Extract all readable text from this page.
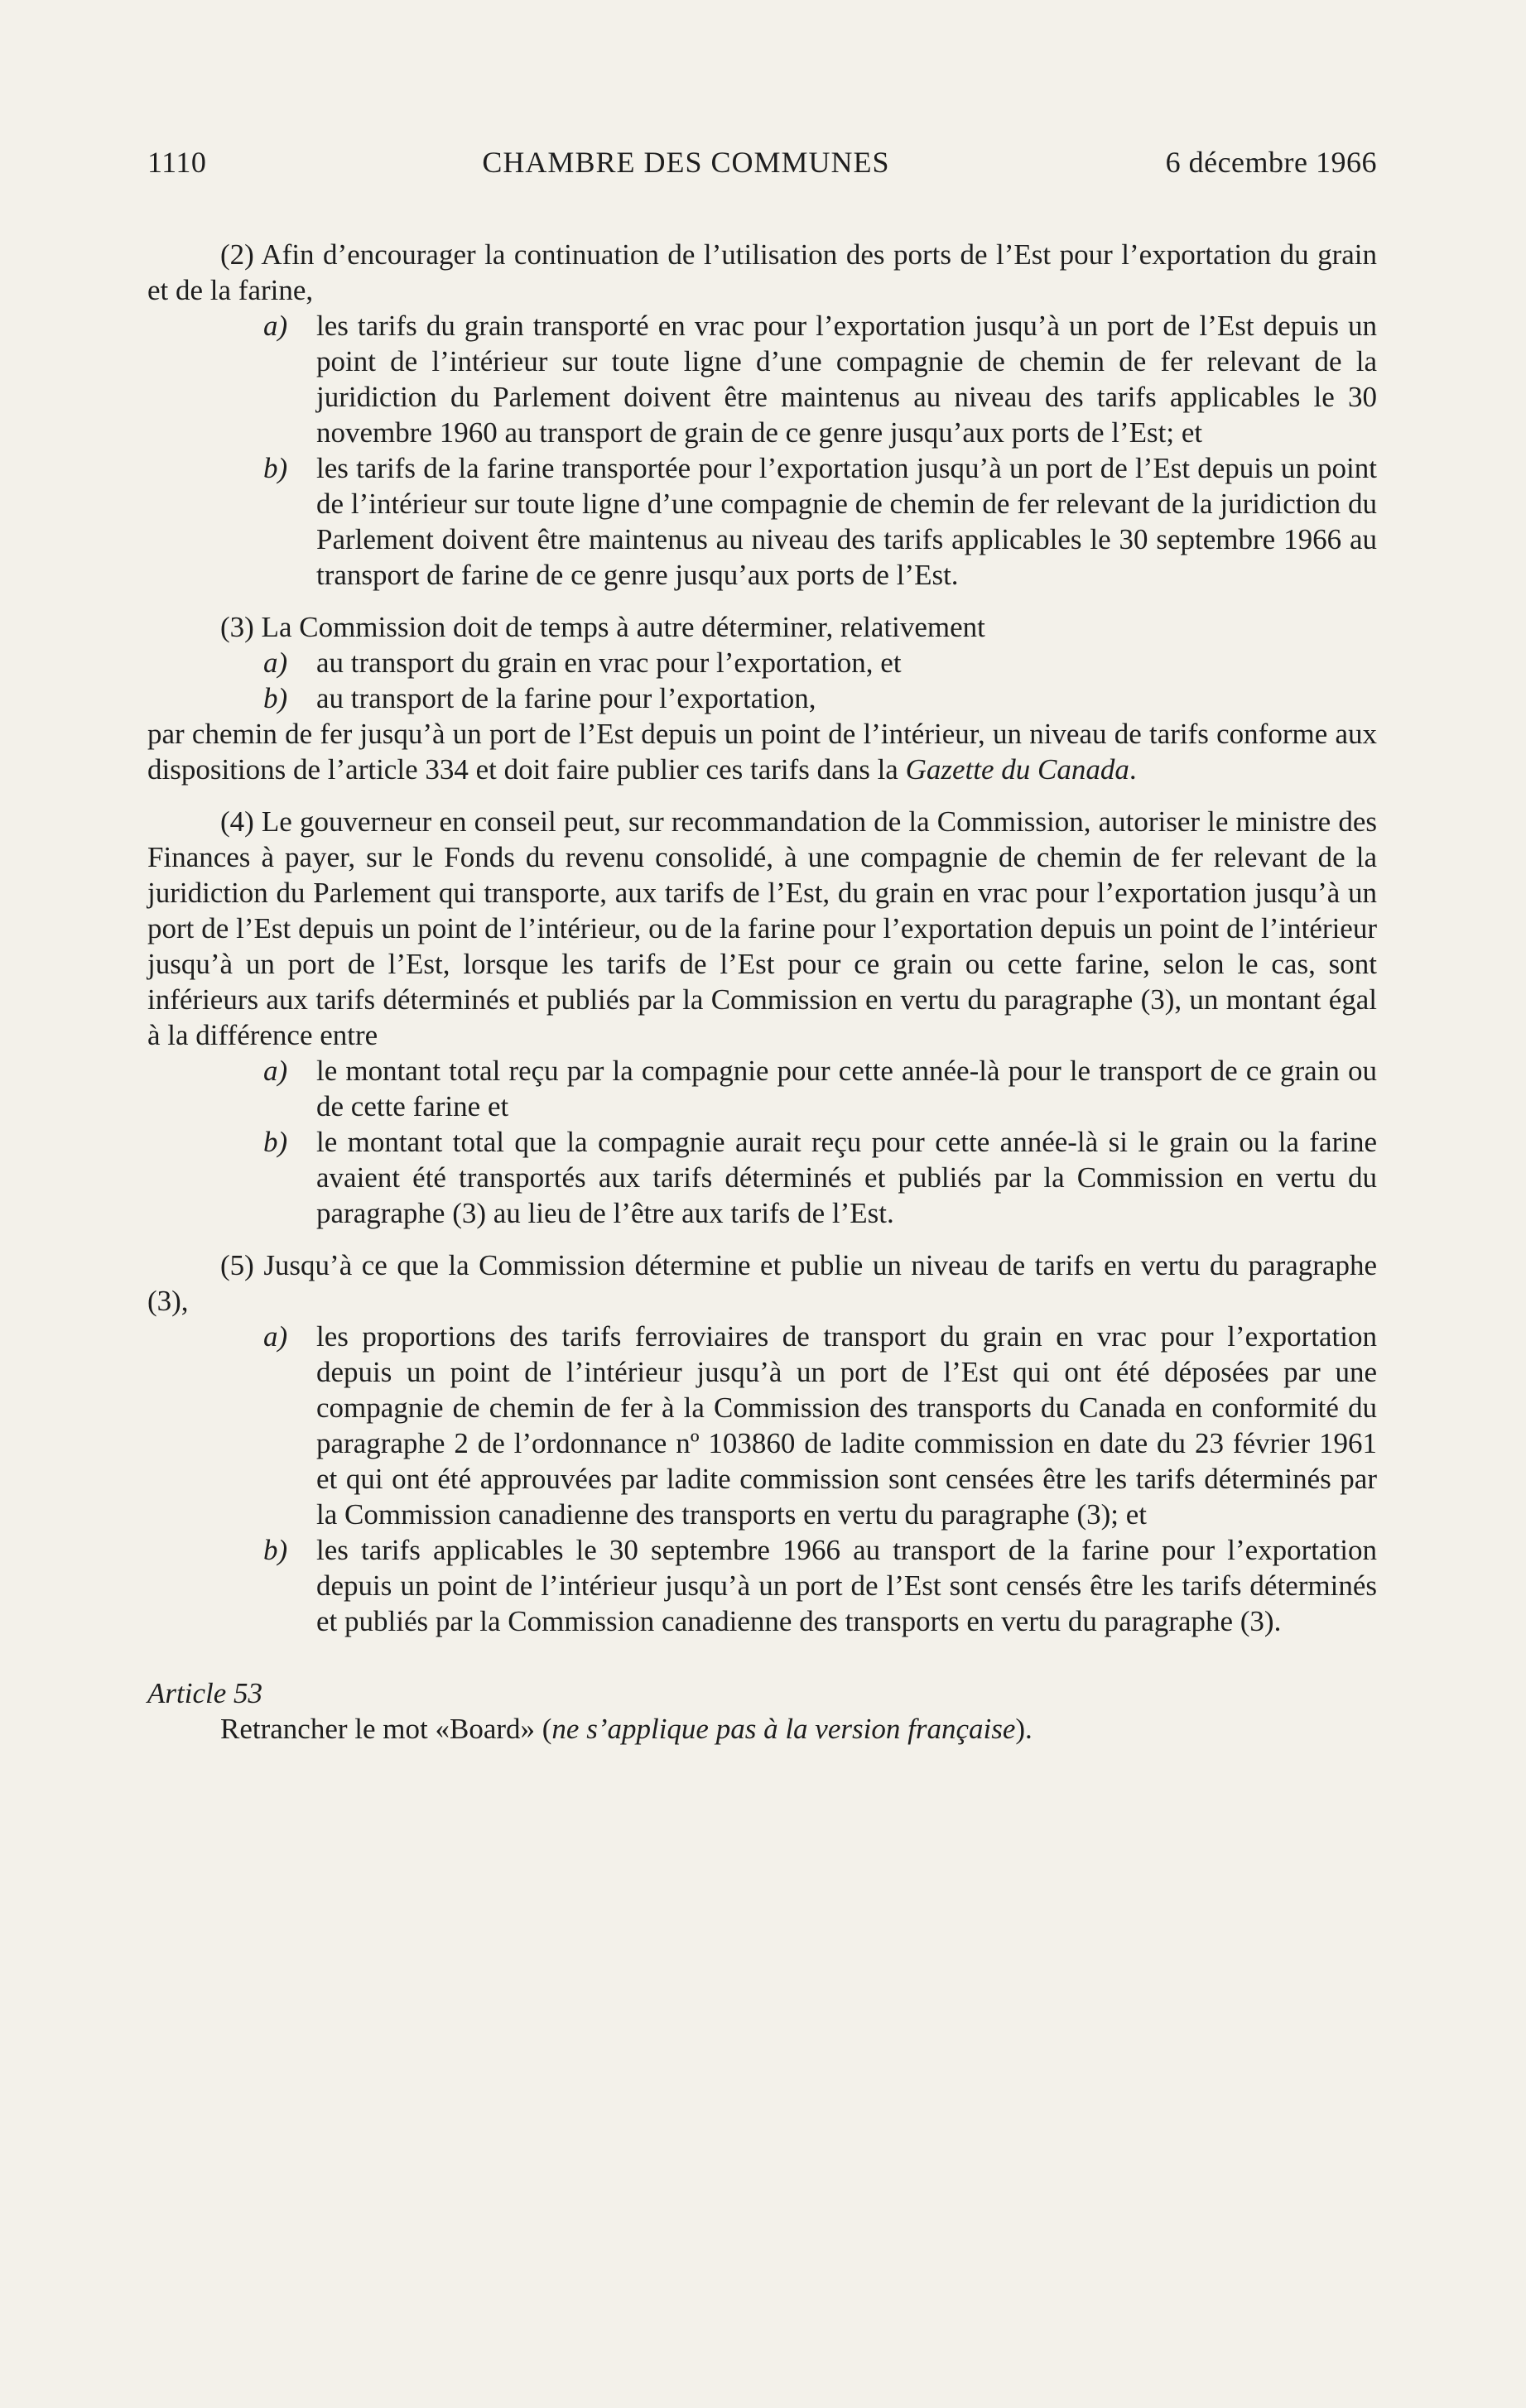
1110	CHAMBRE DES COMMUNES	6 décembre 1966

(2) Afin d’encourager la continuation de l’utilisation des ports de l’Est pour l’exportation du grain et de la farine,

a) les tarifs du grain transporté en vrac pour l’exportation jusqu’à un port de l’Est depuis un point de l’intérieur sur toute ligne d’une compagnie de chemin de fer relevant de la juridiction du Parlement doivent être maintenus au niveau des tarifs applicables le 30 novembre 1960 au transport de grain de ce genre jusqu’aux ports de l’Est; et
b) les tarifs de la farine transportée pour l’exportation jusqu’à un port de l’Est depuis un point de l’intérieur sur toute ligne d’une compagnie de chemin de fer relevant de la juridiction du Parlement doivent être maintenus au niveau des tarifs applicables le 30 septembre 1966 au transport de farine de ce genre jusqu’aux ports de l’Est.

(3) La Commission doit de temps à autre déterminer, relativement

a) au transport du grain en vrac pour l’exportation, et
b) au transport de la farine pour l’exportation,

par chemin de fer jusqu’à un port de l’Est depuis un point de l’intérieur, un niveau de tarifs conforme aux dispositions de l’article 334 et doit faire publier ces tarifs dans la Gazette du Canada.

(4) Le gouverneur en conseil peut, sur recommandation de la Commission, autoriser le ministre des Finances à payer, sur le Fonds du revenu consolidé, à une compagnie de chemin de fer relevant de la juridiction du Parlement qui transporte, aux tarifs de l’Est, du grain en vrac pour l’exportation jusqu’à un port de l’Est depuis un point de l’intérieur, ou de la farine pour l’exportation depuis un point de l’intérieur jusqu’à un port de l’Est, lorsque les tarifs de l’Est pour ce grain ou cette farine, selon le cas, sont inférieurs aux tarifs déterminés et publiés par la Commission en vertu du paragraphe (3), un montant égal à la différence entre

a) le montant total reçu par la compagnie pour cette année-là pour le transport de ce grain ou de cette farine et
b) le montant total que la compagnie aurait reçu pour cette année-là si le grain ou la farine avaient été transportés aux tarifs déterminés et publiés par la Commission en vertu du paragraphe (3) au lieu de l’être aux tarifs de l’Est.

(5) Jusqu’à ce que la Commission détermine et publie un niveau de tarifs en vertu du paragraphe (3),

a) les proportions des tarifs ferroviaires de transport du grain en vrac pour l’exportation depuis un point de l’intérieur jusqu’à un port de l’Est qui ont été déposées par une compagnie de chemin de fer à la Commission des transports du Canada en conformité du paragraphe 2 de l’ordonnance nº 103860 de ladite commission en date du 23 février 1961 et qui ont été approuvées par ladite commission sont censées être les tarifs déterminés par la Commission canadienne des transports en vertu du paragraphe (3); et
b) les tarifs applicables le 30 septembre 1966 au transport de la farine pour l’exportation depuis un point de l’intérieur jusqu’à un port de l’Est sont censés être les tarifs déterminés et publiés par la Commission canadienne des transports en vertu du paragraphe (3).

Article 53

Retrancher le mot «Board» (ne s’applique pas à la version française).
